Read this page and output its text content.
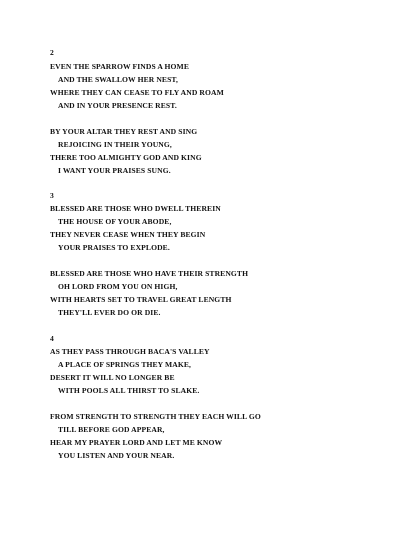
2
EVEN THE SPARROW FINDS A HOME
AND THE SWALLOW HER NEST,
WHERE THEY CAN CEASE TO FLY AND ROAM
AND IN YOUR PRESENCE REST.
BY YOUR ALTAR THEY REST AND SING
REJOICING IN THEIR YOUNG,
THERE TOO ALMIGHTY GOD AND KING
I WANT YOUR PRAISES SUNG.
3
BLESSED ARE THOSE WHO DWELL THEREIN
THE HOUSE OF YOUR ABODE,
THEY NEVER CEASE WHEN THEY BEGIN
YOUR PRAISES TO EXPLODE.
BLESSED ARE THOSE WHO HAVE THEIR STRENGTH
OH LORD FROM YOU ON HIGH,
WITH HEARTS SET TO TRAVEL GREAT LENGTH
THEY'LL EVER DO OR DIE.
4
AS THEY PASS THROUGH BACA'S VALLEY
A PLACE OF SPRINGS THEY MAKE,
DESERT IT WILL NO LONGER BE
WITH POOLS ALL THIRST TO SLAKE.
FROM STRENGTH TO STRENGTH THEY EACH WILL GO
TILL BEFORE GOD APPEAR,
HEAR MY PRAYER LORD AND LET ME KNOW
YOU LISTEN AND YOUR NEAR.
